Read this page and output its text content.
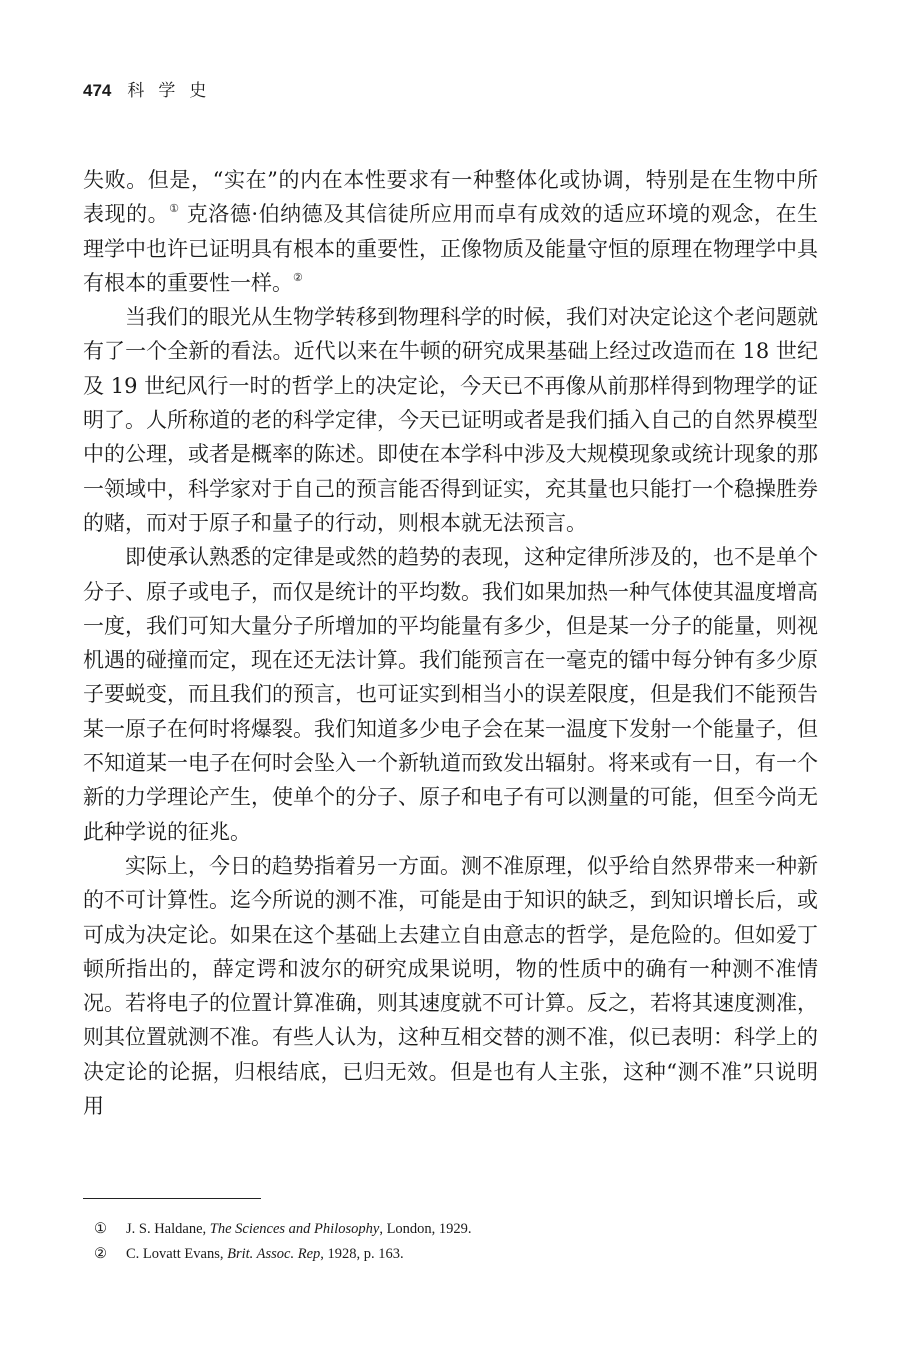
474 科学史

失败。但是，“实在”的内在本性要求有一种整体化或协调，特别是在生物中所表现的。① 克洛德·伯纳德及其信徒所应用而卓有成效的适应环境的观念，在生理学中也许已证明具有根本的重要性，正像物质及能量守恒的原理在物理学中具有根本的重要性一样。②

当我们的眼光从生物学转移到物理科学的时候，我们对决定论这个老问题就有了一个全新的看法。近代以来在牛顿的研究成果基础上经过改造而在 18 世纪及 19 世纪风行一时的哲学上的决定论，今天已不再像从前那样得到物理学的证明了。人所称道的老的科学定律，今天已证明或者是我们插入自己的自然界模型中的公理，或者是概率的陈述。即使在本学科中涉及大规模现象或统计现象的那一领域中，科学家对于自己的预言能否得到证实，充其量也只能打一个稳操胜券的赌，而对于原子和量子的行动，则根本就无法预言。

即使承认熟悉的定律是或然的趋势的表现，这种定律所涉及的，也不是单个分子、原子或电子，而仅是统计的平均数。我们如果加热一种气体使其温度增高一度，我们可知大量分子所增加的平均能量有多少，但是某一分子的能量，则视机遇的碰撞而定，现在还无法计算。我们能预言在一毫克的镭中每分钟有多少原子要蜕变，而且我们的预言，也可证实到相当小的误差限度，但是我们不能预告某一原子在何时将爆裂。我们知道多少电子会在某一温度下发射一个能量子，但不知道某一电子在何时会坠入一个新轨道而致发出辐射。将来或有一日，有一个新的力学理论产生，使单个的分子、原子和电子有可以测量的可能，但至今尚无此种学说的征兆。

实际上，今日的趋势指着另一方面。测不准原理，似乎给自然界带来一种新的不可计算性。迄今所说的测不准，可能是由于知识的缺乏，到知识增长后，或可成为决定论。如果在这个基础上去建立自由意志的哲学，是危险的。但如爱丁顿所指出的，薛定谔和波尔的研究成果说明，物的性质中的确有一种测不准情况。若将电子的位置计算准确，则其速度就不可计算。反之，若将其速度测准，则其位置就测不准。有些人认为，这种互相交替的测不准，似已表明：科学上的决定论的论据，归根结底，已归无效。但是也有人主张，这种“测不准”只说明用

①	J. S. Haldane, The Sciences and Philosophy, London, 1929.
②	C. Lovatt Evans, Brit. Assoc. Rep, 1928, p. 163.
